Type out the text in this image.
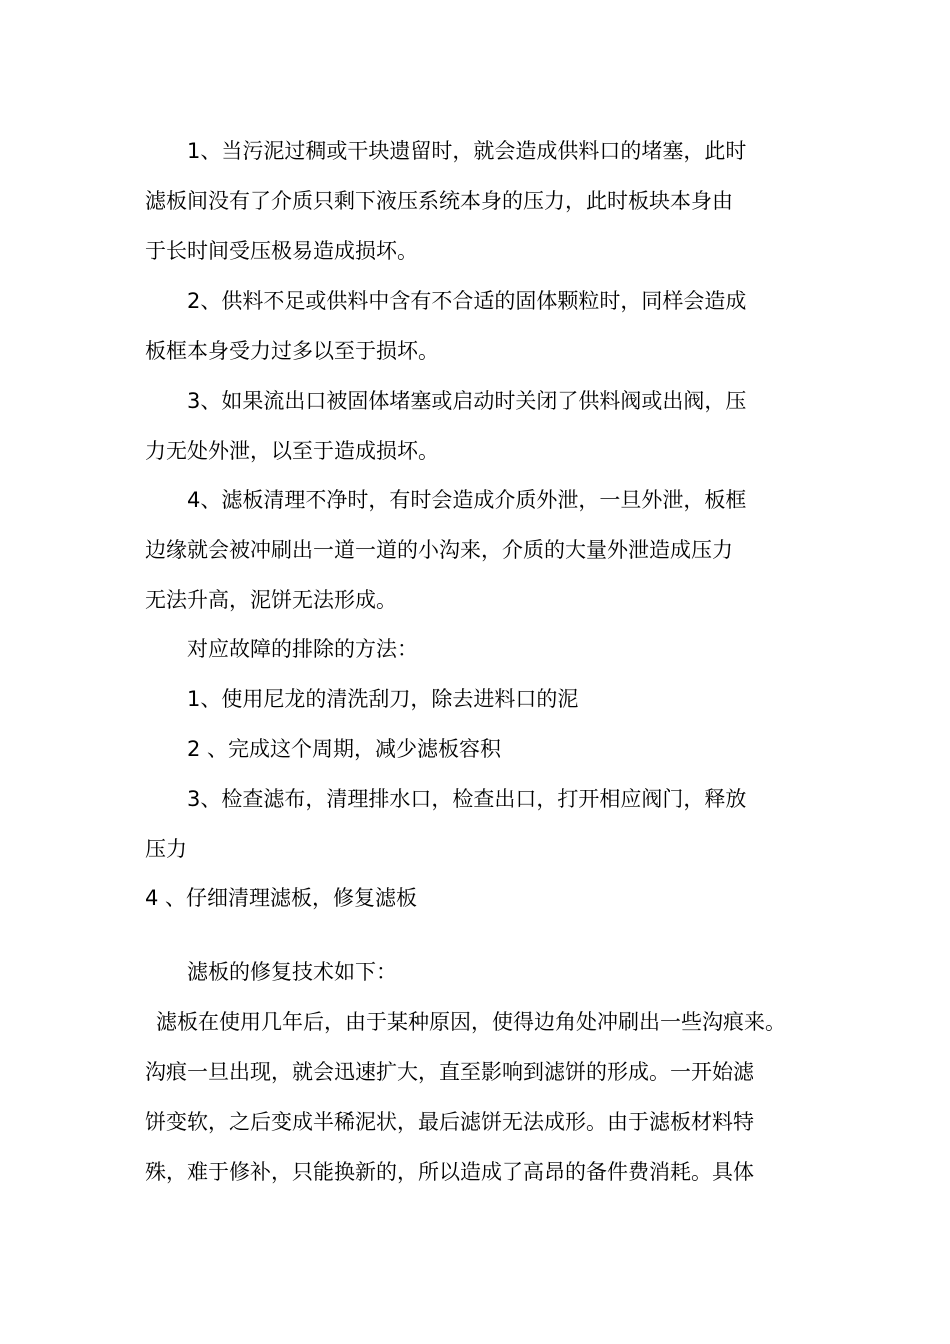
1、当污泥过稠或干块遗留时，就会造成供料口的堵塞，此时
滤板间没有了介质只剩下液压系统本身的压力，此时板块本身由
于长时间受压极易造成损坏。
2、供料不足或供料中含有不合适的固体颗粒时，同样会造成
板框本身受力过多以至于损坏。
3、如果流出口被固体堵塞或启动时关闭了供料阀或出阀，压
力无处外泄，以至于造成损坏。
4、滤板清理不净时，有时会造成介质外泄，一旦外泄，板框
边缘就会被冲刷出一道一道的小沟来，介质的大量外泄造成压力
无法升高，泥饼无法形成。
对应故障的排除的方法：
1、使用尼龙的清洗刮刀，除去进料口的泥
2 、完成这个周期，减少滤板容积
3、检查滤布，清理排水口，检查出口，打开相应阀门，释放
压力
4 、仔细清理滤板，修复滤板
滤板的修复技术如下：
滤板在使用几年后，由于某种原因，使得边角处冲刷出一些沟痕来。
沟痕一旦出现，就会迅速扩大，直至影响到滤饼的形成。一开始滤
饼变软，之后变成半稀泥状，最后滤饼无法成形。由于滤板材料特
殊，难于修补，只能换新的，所以造成了高昂的备件费消耗。具体
